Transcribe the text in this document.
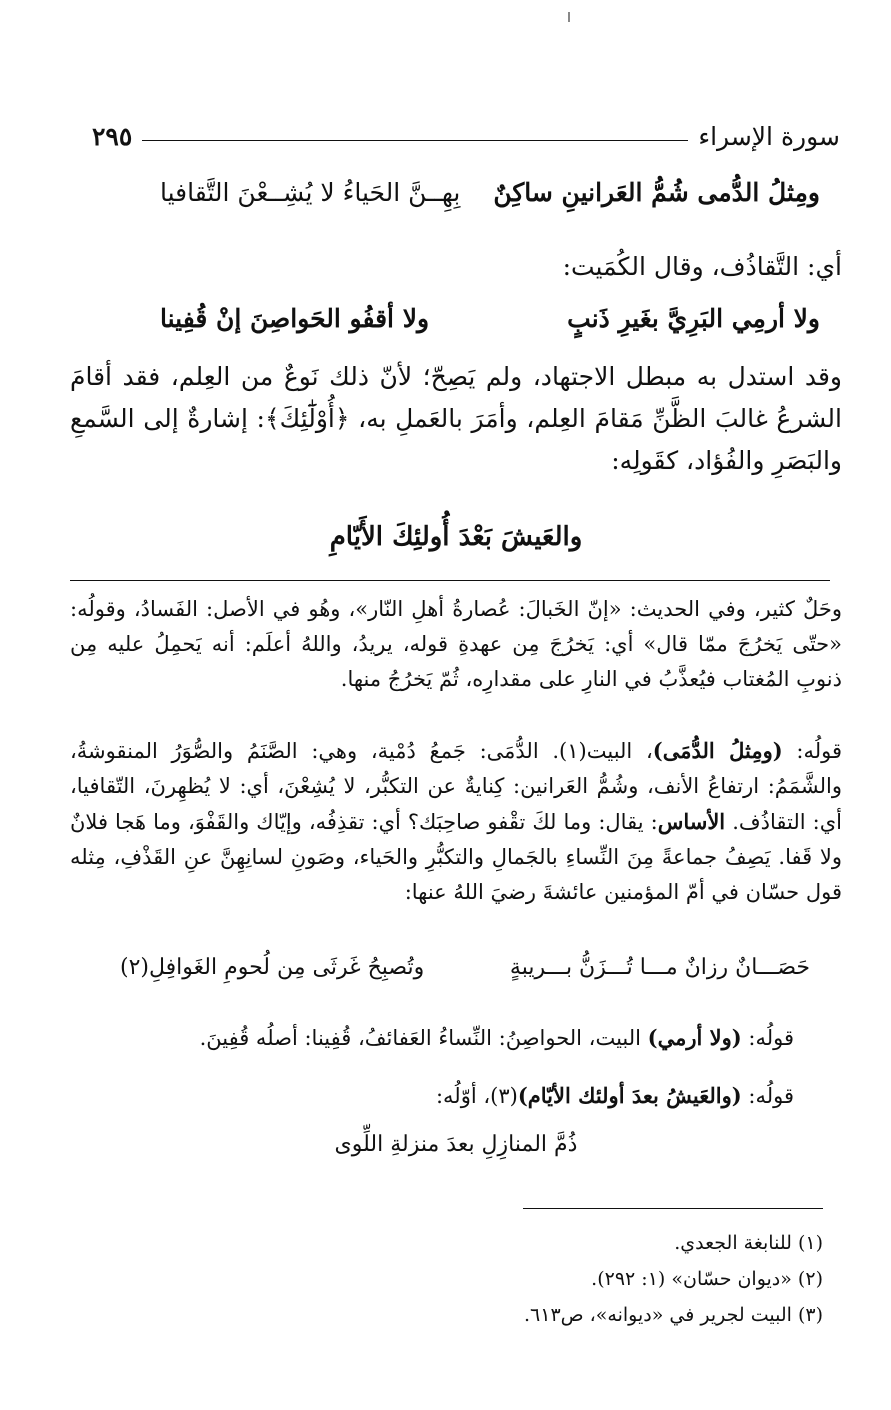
سورة الإسراء
٢٩٥
ومِثلُ الدُّمى شُمُّ العَرانينِ ساكِنٌ
بِهِــنَّ الحَياءُ لا يُشِــعْنَ التَّقافيا
أي: التَّقاذُف، وقال الكُمَيت:
ولا أرمِي البَرِيَّ بغَيرِ ذَنبٍ
ولا أقفُو الحَواصِنَ إنْ قُفِينا
وقد استدل به مبطل الاجتهاد، ولم يَصِحّ؛ لأنّ ذلك نَوعٌ من العِلم، فقد أقامَ الشرعُ غالبَ الظَّنِّ مَقامَ العِلم، وأمَرَ بالعَملِ به، ﴿أُوْلَٰٓئِكَ﴾: إشارةٌ إلى السَّمعِ والبَصَرِ والفُؤاد، كقَولِه:
والعَيشَ بَعْدَ أُولئِكَ الأَيّامِ
وحَلٌ كثير، وفي الحديث: «إنّ الخَبالَ: عُصارةُ أهلِ النّار»، وهُو في الأصل: الفَسادُ، وقولُه: «حتّى يَخرُجَ ممّا قال» أي: يَخرُجَ مِن عهدةِ قوله، يريدُ، واللهُ أعلَم: أنه يَحمِلُ عليه مِن ذنوبِ المُغتاب فيُعذَّبُ في النارِ على مقدارِه، ثُمّ يَخرُجُ منها.
قولُه: (ومِثلُ الدُّمَى)، البيت(١). الدُّمَى: جَمعُ دُمْية، وهي: الصَّنَمُ والصُّوَرُ المنقوشةُ، والشَّمَمُ: ارتفاعُ الأنف، وشُمُّ العَرانين: كِنايةٌ عن التكبُّر، لا يُشِعْنَ، أي: لا يُظهِرنَ، التّقافيا، أي: التقاذُف. الأساس: يقال: وما لكَ تقْفو صاحِبَك؟ أي: تقذِفُه، وإيّاك والقَفْوَ، وما هَجا فلانٌ ولا قَفا. يَصِفُ جماعةً مِنَ النِّساءِ بالجَمالِ والتكبُّرِ والحَياء، وصَونِ لسانِهِنَّ عنِ القَذْفِ، مِثله قول حسّان في أمّ المؤمنين عائشةَ رضيَ اللهُ عنها:
حَصَـــانٌ رزانٌ مـــا تُـــزَنُّ بـــريبةٍ
وتُصبِحُ غَرثَى مِن لُحومِ الغَوافِلِ(٢)
قولُه: (ولا أرمي) البيت، الحواصِنُ: النِّساءُ العَفائفُ، قُفِينا: أصلُه قُفِينَ.
قولُه: (والعَيشُ بعدَ أولئك الأيّام)(٣)، أوّلُه:
ذُمَّ المنازِلِ بعدَ منزلةِ اللِّوى
(١) للنابغة الجعدي.
(٢) «ديوان حسّان» (١: ٢٩٢).
(٣) البيت لجرير في «ديوانه»، ص٦١٣.
